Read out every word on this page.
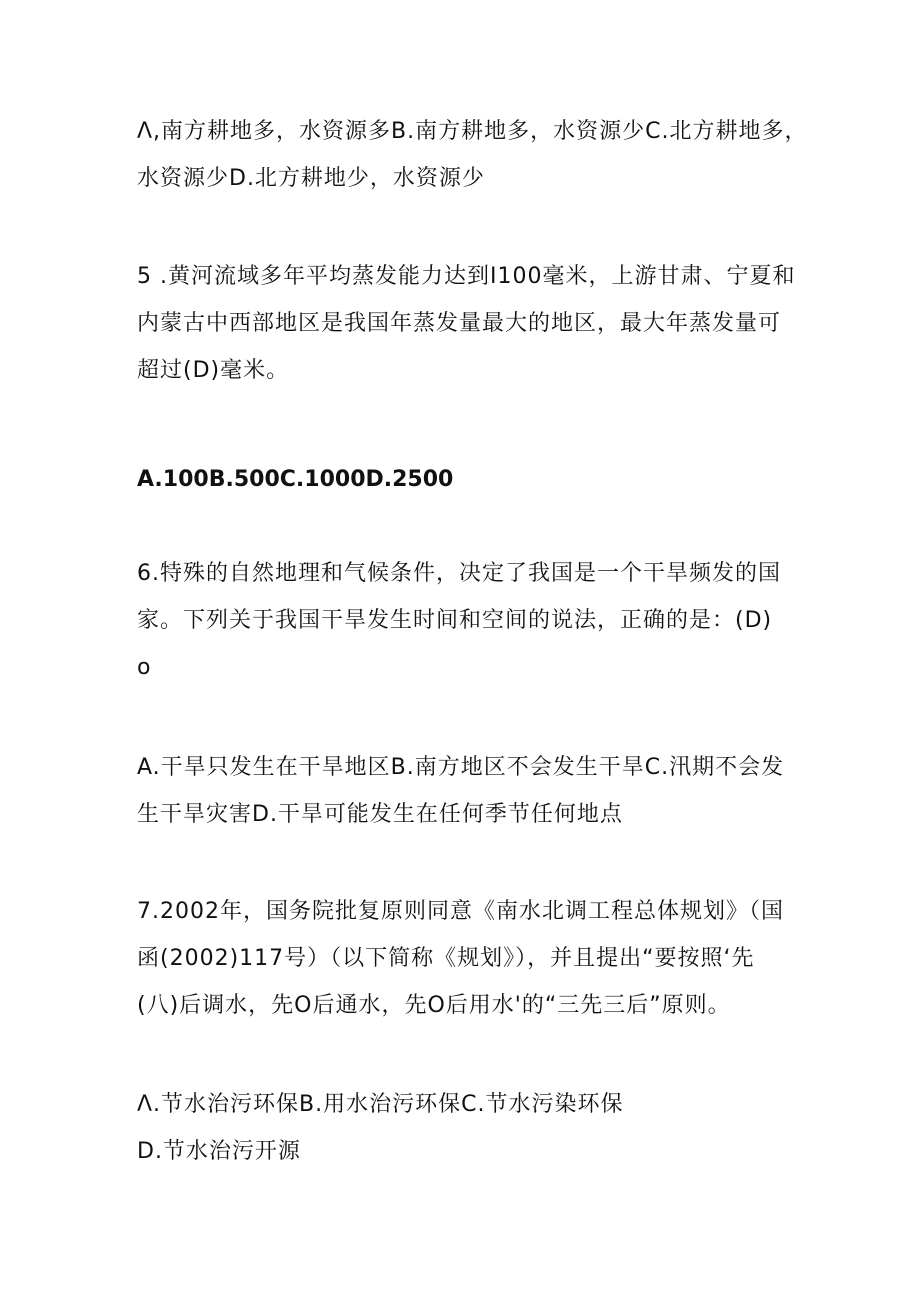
Λ,南方耕地多，水资源多B.南方耕地多，水资源少C.北方耕地多，
水资源少D.北方耕地少，水资源少

5 .黄河流域多年平均蒸发能力达到I100毫米，上游甘肃、宁夏和
内蒙古中西部地区是我国年蒸发量最大的地区，最大年蒸发量可
超过(D)毫米。

A.100B.500C.1000D.2500

6.特殊的自然地理和气候条件，决定了我国是一个干旱频发的国
家。下列关于我国干旱发生时间和空间的说法，正确的是：(D)
o

A.干旱只发生在干旱地区B.南方地区不会发生干旱C.汛期不会发
生干旱灾害D.干旱可能发生在任何季节任何地点

7.2002年，国务院批复原则同意《南水北调工程总体规划》（国
函(2002)117号）（以下简称《规划》），并且提出“要按照‘先
(八)后调水，先O后通水，先O后用水'的“三先三后”原则。

Λ.节水治污环保B.用水治污环保C.节水污染环保
D.节水治污开源
